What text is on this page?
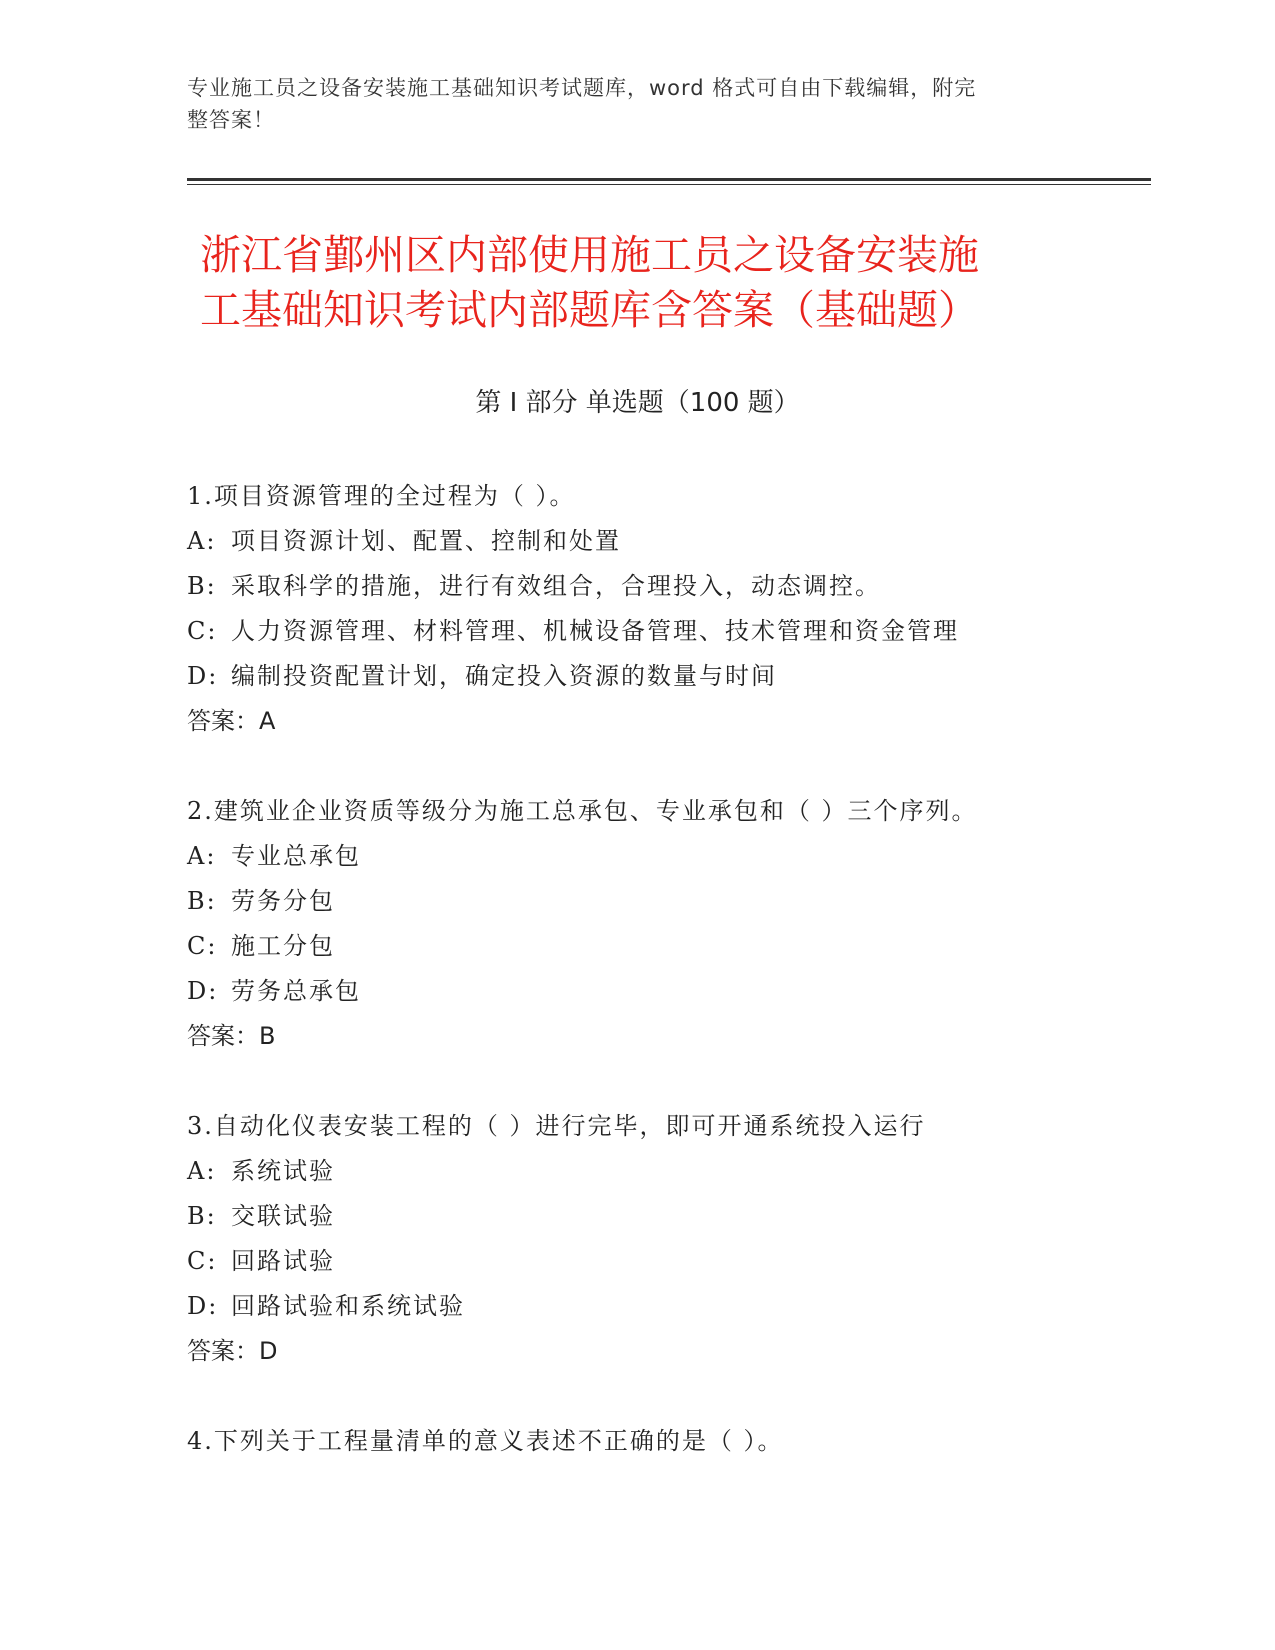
专业施工员之设备安装施工基础知识考试题库，word 格式可自由下载编辑，附完
整答案！
浙江省鄞州区内部使用施工员之设备安装施
工基础知识考试内部题库含答案（基础题）
第 I 部分 单选题（100 题）
1.项目资源管理的全过程为（ ）。
A: 项目资源计划、配置、控制和处置
B: 采取科学的措施，进行有效组合，合理投入，动态调控。
C: 人力资源管理、材料管理、机械设备管理、技术管理和资金管理
D: 编制投资配置计划，确定投入资源的数量与时间
答案：A
2.建筑业企业资质等级分为施工总承包、专业承包和（ ）三个序列。
A: 专业总承包
B: 劳务分包
C: 施工分包
D: 劳务总承包
答案：B
3.自动化仪表安装工程的（ ）进行完毕，即可开通系统投入运行
A: 系统试验
B: 交联试验
C: 回路试验
D: 回路试验和系统试验
答案：D
4.下列关于工程量清单的意义表述不正确的是（ ）。
